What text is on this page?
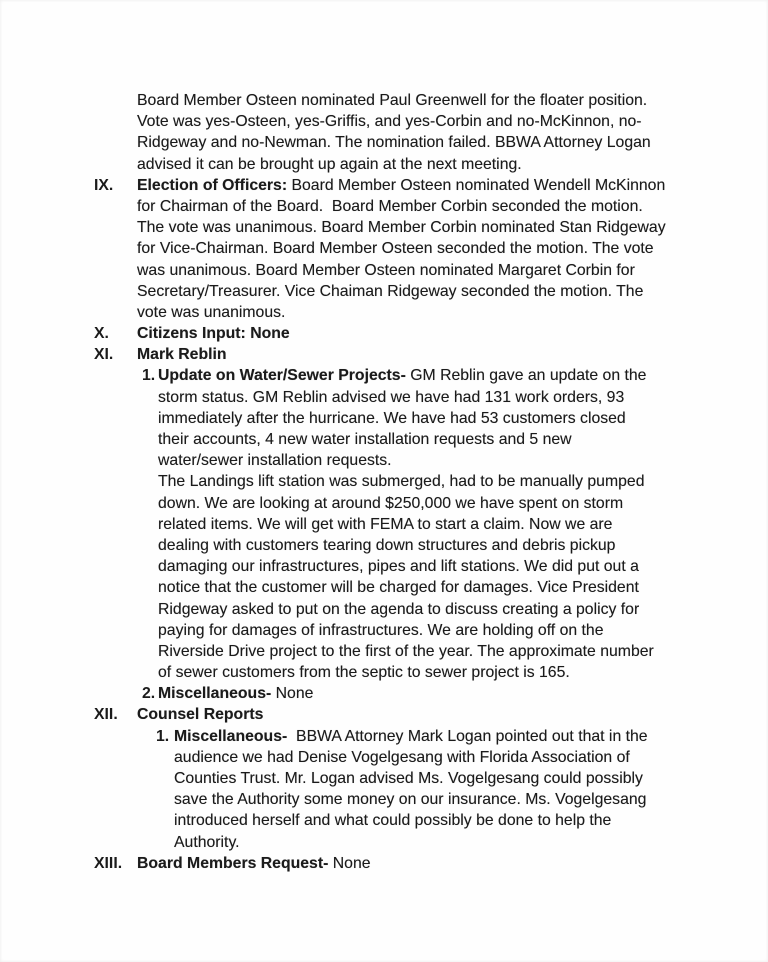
Board Member Osteen nominated Paul Greenwell for the floater position.
Vote was yes-Osteen, yes-Griffis, and yes-Corbin and no-McKinnon, no-
Ridgeway and no-Newman. The nomination failed. BBWA Attorney Logan
advised it can be brought up again at the next meeting.
IX. Election of Officers: Board Member Osteen nominated Wendell McKinnon
for Chairman of the Board.  Board Member Corbin seconded the motion.
The vote was unanimous. Board Member Corbin nominated Stan Ridgeway
for Vice-Chairman. Board Member Osteen seconded the motion. The vote
was unanimous. Board Member Osteen nominated Margaret Corbin for
Secretary/Treasurer. Vice Chaiman Ridgeway seconded the motion. The
vote was unanimous.
X. Citizens Input: None
XI. Mark Reblin
1. Update on Water/Sewer Projects- GM Reblin gave an update on the
storm status. GM Reblin advised we have had 131 work orders, 93
immediately after the hurricane. We have had 53 customers closed
their accounts, 4 new water installation requests and 5 new
water/sewer installation requests.
The Landings lift station was submerged, had to be manually pumped
down. We are looking at around $250,000 we have spent on storm
related items. We will get with FEMA to start a claim. Now we are
dealing with customers tearing down structures and debris pickup
damaging our infrastructures, pipes and lift stations. We did put out a
notice that the customer will be charged for damages. Vice President
Ridgeway asked to put on the agenda to discuss creating a policy for
paying for damages of infrastructures. We are holding off on the
Riverside Drive project to the first of the year. The approximate number
of sewer customers from the septic to sewer project is 165.
2. Miscellaneous- None
XII. Counsel Reports
1. Miscellaneous-  BBWA Attorney Mark Logan pointed out that in the
audience we had Denise Vogelgesang with Florida Association of
Counties Trust. Mr. Logan advised Ms. Vogelgesang could possibly
save the Authority some money on our insurance. Ms. Vogelgesang
introduced herself and what could possibly be done to help the
Authority.
XIII. Board Members Request- None
